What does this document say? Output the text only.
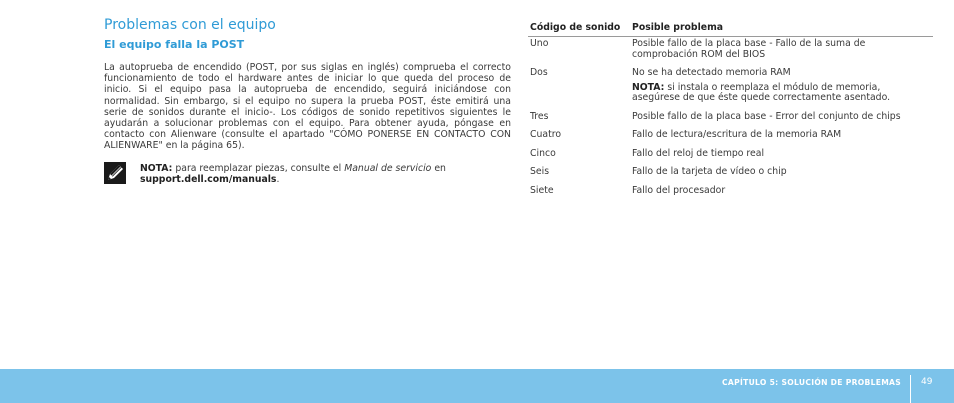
Problemas con el equipo
El equipo falla la POST

La autoprueba de encendido (POST, por sus siglas en inglés) comprueba el correcto funcionamiento de todo el hardware antes de iniciar lo que queda del proceso de inicio. Si el equipo pasa la autoprueba de encendido, seguirá iniciándose con normalidad. Sin embargo, si el equipo no supera la prueba POST, éste emitirá una serie de sonidos durante el inicio-. Los códigos de sonido repetitivos siguientes le ayudarán a solucionar problemas con el equipo. Para obtener ayuda, póngase en contacto con Alienware (consulte el apartado "CÓMO PONERSE EN CONTACTO CON ALIENWARE" en la página 65).

NOTA: para reemplazar piezas, consulte el Manual de servicio en support.dell.com/manuals.
Código de sonido	Posible problema
Uno	Posible fallo de la placa base - Fallo de la suma de comprobación ROM del BIOS
Dos	No se ha detectado memoria RAM
NOTA: si instala o reemplaza el módulo de memoria, asegúrese de que éste quede correctamente asentado.

Tres	Posible fallo de la placa base - Error del conjunto de chips
Cuatro	Fallo de lectura/escritura de la memoria RAM
Cinco	Fallo del reloj de tiempo real
Seis	Fallo de la tarjeta de vídeo o chip
Siete	Fallo del procesador
CAPÍTULO 5: SOLUCIÓN DE PROBLEMAS 49
